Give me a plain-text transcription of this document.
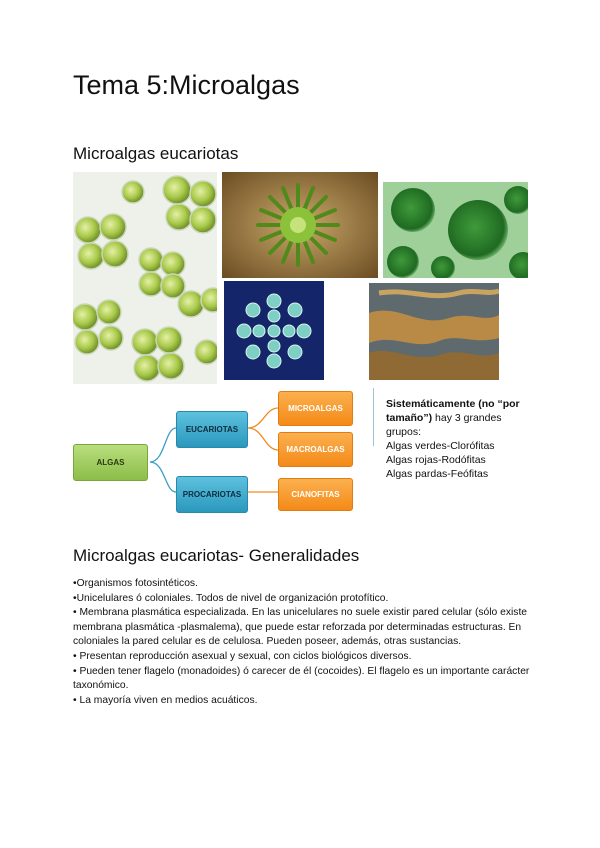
Tema 5:Microalgas
Microalgas eucariotas
ALGAS
EUCARIOTAS
PROCARIOTAS
MICROALGAS
MACROALGAS
CIANOFITAS
Sistemáticamente (no “por tamaño”) hay 3 grandes grupos:
Algas verdes-Clorófitas
Algas rojas-Rodófitas
Algas pardas-Feófitas
Microalgas eucariotas- Generalidades

•Organismos fotosintéticos.

•Unicelulares ó coloniales. Todos de nivel de organización protofítico.

• Membrana plasmática especializada. En las unicelulares no suele existir pared celular (sólo existe membrana plasmática -plasmalema), que puede estar reforzada por determinadas estructuras. En coloniales la pared celular es de celulosa. Pueden poseer, además, otras sustancias.

• Presentan reproducción asexual y sexual, con ciclos biológicos diversos.

• Pueden tener flagelo (monadoides) ó carecer de él (cocoides). El flagelo es un importante carácter taxonómico.

• La mayoría viven en medios acuáticos.
